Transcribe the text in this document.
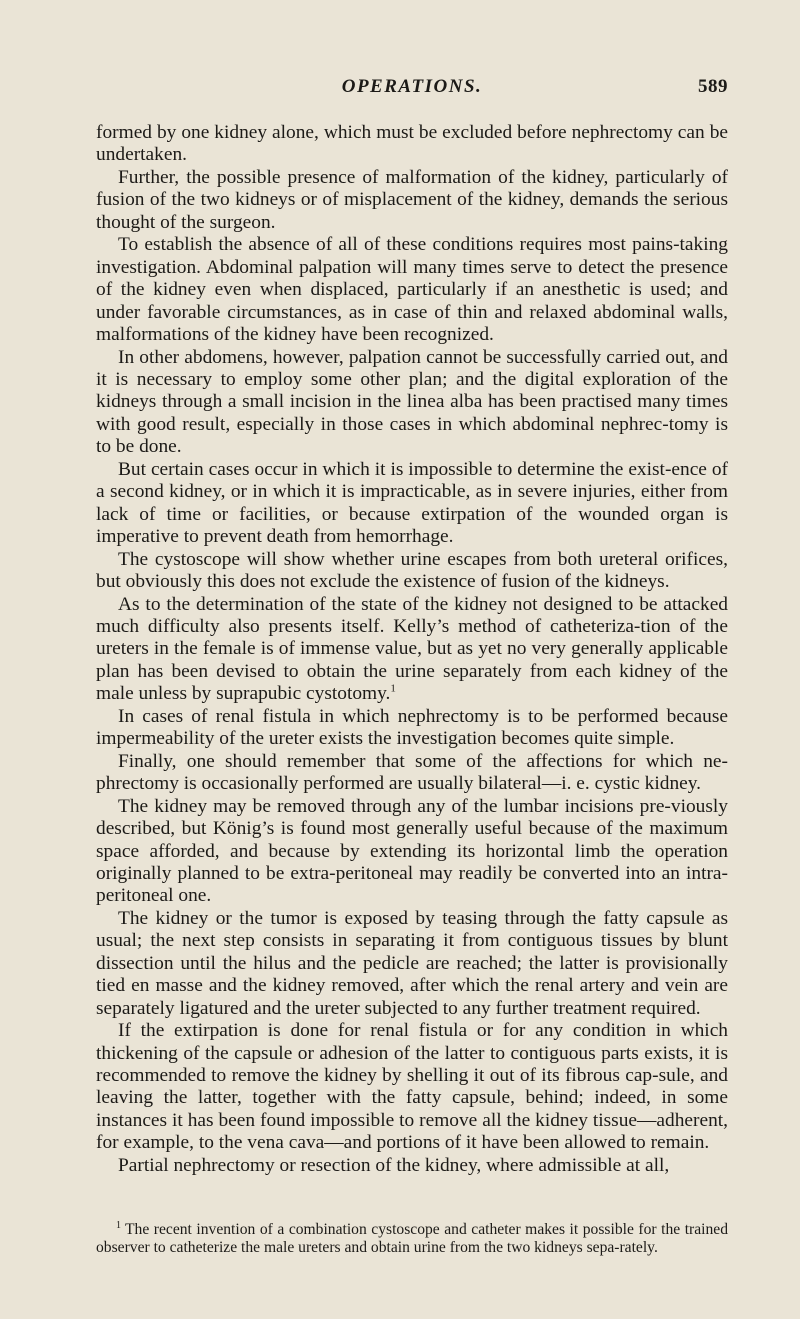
OPERATIONS.	589

formed by one kidney alone, which must be excluded before nephrectomy can be undertaken.

Further, the possible presence of malformation of the kidney, particularly of fusion of the two kidneys or of misplacement of the kidney, demands the serious thought of the surgeon.

To establish the absence of all of these conditions requires most pains-taking investigation. Abdominal palpation will many times serve to detect the presence of the kidney even when displaced, particularly if an anesthetic is used; and under favorable circumstances, as in case of thin and relaxed abdominal walls, malformations of the kidney have been recognized.

In other abdomens, however, palpation cannot be successfully carried out, and it is necessary to employ some other plan; and the digital exploration of the kidneys through a small incision in the linea alba has been practised many times with good result, especially in those cases in which abdominal nephrec-tomy is to be done.

But certain cases occur in which it is impossible to determine the exist-ence of a second kidney, or in which it is impracticable, as in severe injuries, either from lack of time or facilities, or because extirpation of the wounded organ is imperative to prevent death from hemorrhage.

The cystoscope will show whether urine escapes from both ureteral orifices, but obviously this does not exclude the existence of fusion of the kidneys.

As to the determination of the state of the kidney not designed to be attacked much difficulty also presents itself. Kelly’s method of catheteriza-tion of the ureters in the female is of immense value, but as yet no very generally applicable plan has been devised to obtain the urine separately from each kidney of the male unless by suprapubic cystotomy.$^1$

In cases of renal fistula in which nephrectomy is to be performed because impermeability of the ureter exists the investigation becomes quite simple.

Finally, one should remember that some of the affections for which ne-phrectomy is occasionally performed are usually bilateral—i. e. cystic kidney.

The kidney may be removed through any of the lumbar incisions pre-viously described, but König’s is found most generally useful because of the maximum space afforded, and because by extending its horizontal limb the operation originally planned to be extra-peritoneal may readily be converted into an intra-peritoneal one.

The kidney or the tumor is exposed by teasing through the fatty capsule as usual; the next step consists in separating it from contiguous tissues by blunt dissection until the hilus and the pedicle are reached; the latter is provisionally tied en masse and the kidney removed, after which the renal artery and vein are separately ligatured and the ureter subjected to any further treatment required.

If the extirpation is done for renal fistula or for any condition in which thickening of the capsule or adhesion of the latter to contiguous parts exists, it is recommended to remove the kidney by shelling it out of its fibrous cap-sule, and leaving the latter, together with the fatty capsule, behind; indeed, in some instances it has been found impossible to remove all the kidney tissue—adherent, for example, to the vena cava—and portions of it have been allowed to remain.

Partial nephrectomy or resection of the kidney, where admissible at all,

$^1$ The recent invention of a combination cystoscope and catheter makes it possible for the trained observer to catheterize the male ureters and obtain urine from the two kidneys sepa-rately.
